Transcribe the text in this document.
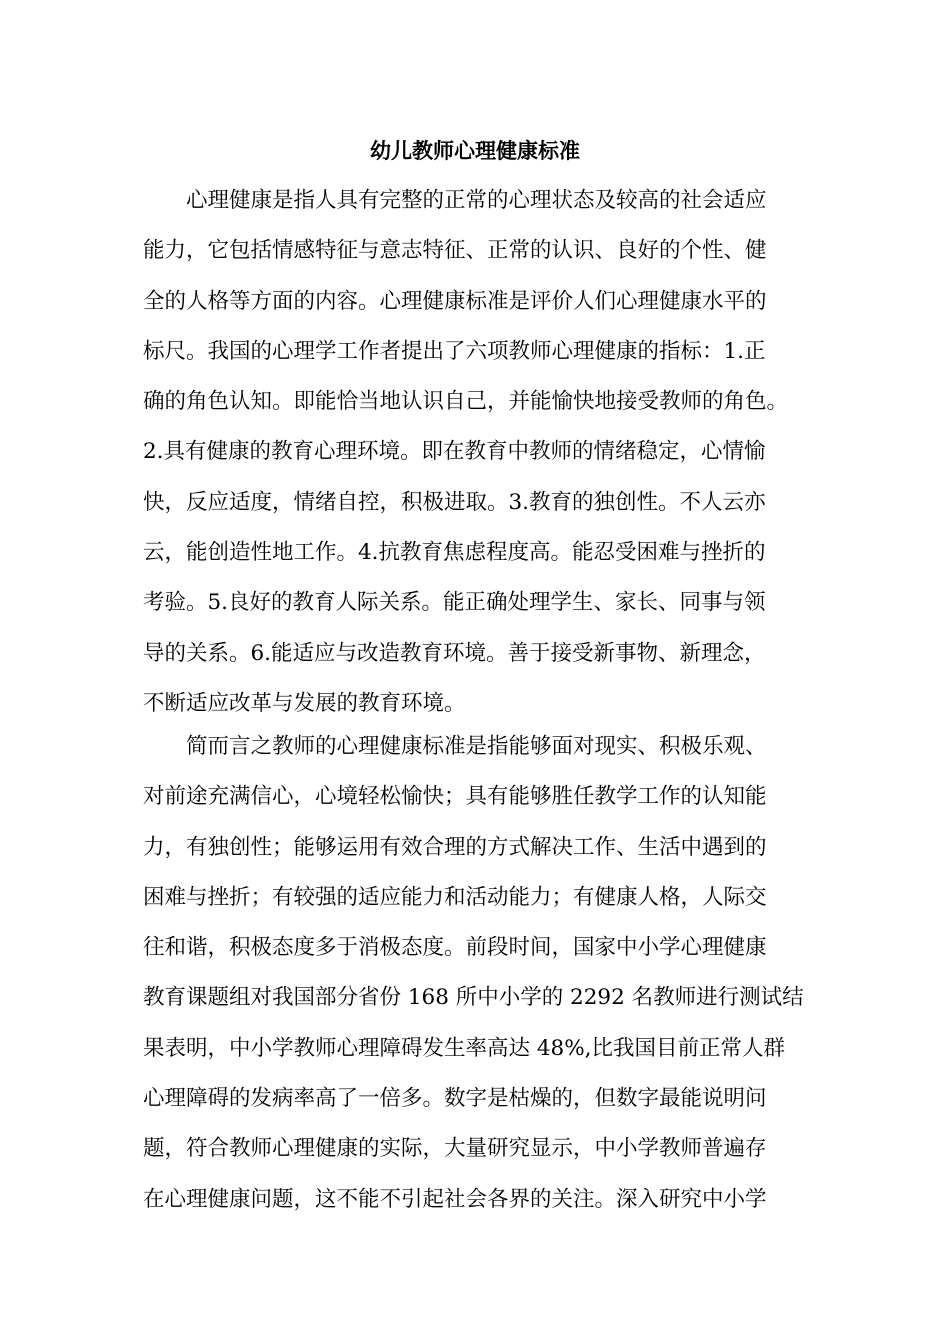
幼儿教师心理健康标准

　　心理健康是指人具有完整的正常的心理状态及较高的社会适应
能力，它包括情感特征与意志特征、正常的认识、良好的个性、健
全的人格等方面的内容。心理健康标准是评价人们心理健康水平的
标尺。我国的心理学工作者提出了六项教师心理健康的指标：1.正
确的角色认知。即能恰当地认识自己，并能愉快地接受教师的角色。
2.具有健康的教育心理环境。即在教育中教师的情绪稳定，心情愉
快，反应适度，情绪自控，积极进取。3.教育的独创性。不人云亦
云，能创造性地工作。4.抗教育焦虑程度高。能忍受困难与挫折的
考验。5.良好的教育人际关系。能正确处理学生、家长、同事与领
导的关系。6.能适应与改造教育环境。善于接受新事物、新理念，
不断适应改革与发展的教育环境。

　　简而言之教师的心理健康标准是指能够面对现实、积极乐观、
对前途充满信心，心境轻松愉快；具有能够胜任教学工作的认知能
力，有独创性；能够运用有效合理的方式解决工作、生活中遇到的
困难与挫折；有较强的适应能力和活动能力；有健康人格，人际交
往和谐，积极态度多于消极态度。前段时间，国家中小学心理健康
教育课题组对我国部分省份 168 所中小学的 2292 名教师进行测试结
果表明，中小学教师心理障碍发生率高达 48%,比我国目前正常人群
心理障碍的发病率高了一倍多。数字是枯燥的，但数字最能说明问
题，符合教师心理健康的实际，大量研究显示，中小学教师普遍存
在心理健康问题，这不能不引起社会各界的关注。深入研究中小学
